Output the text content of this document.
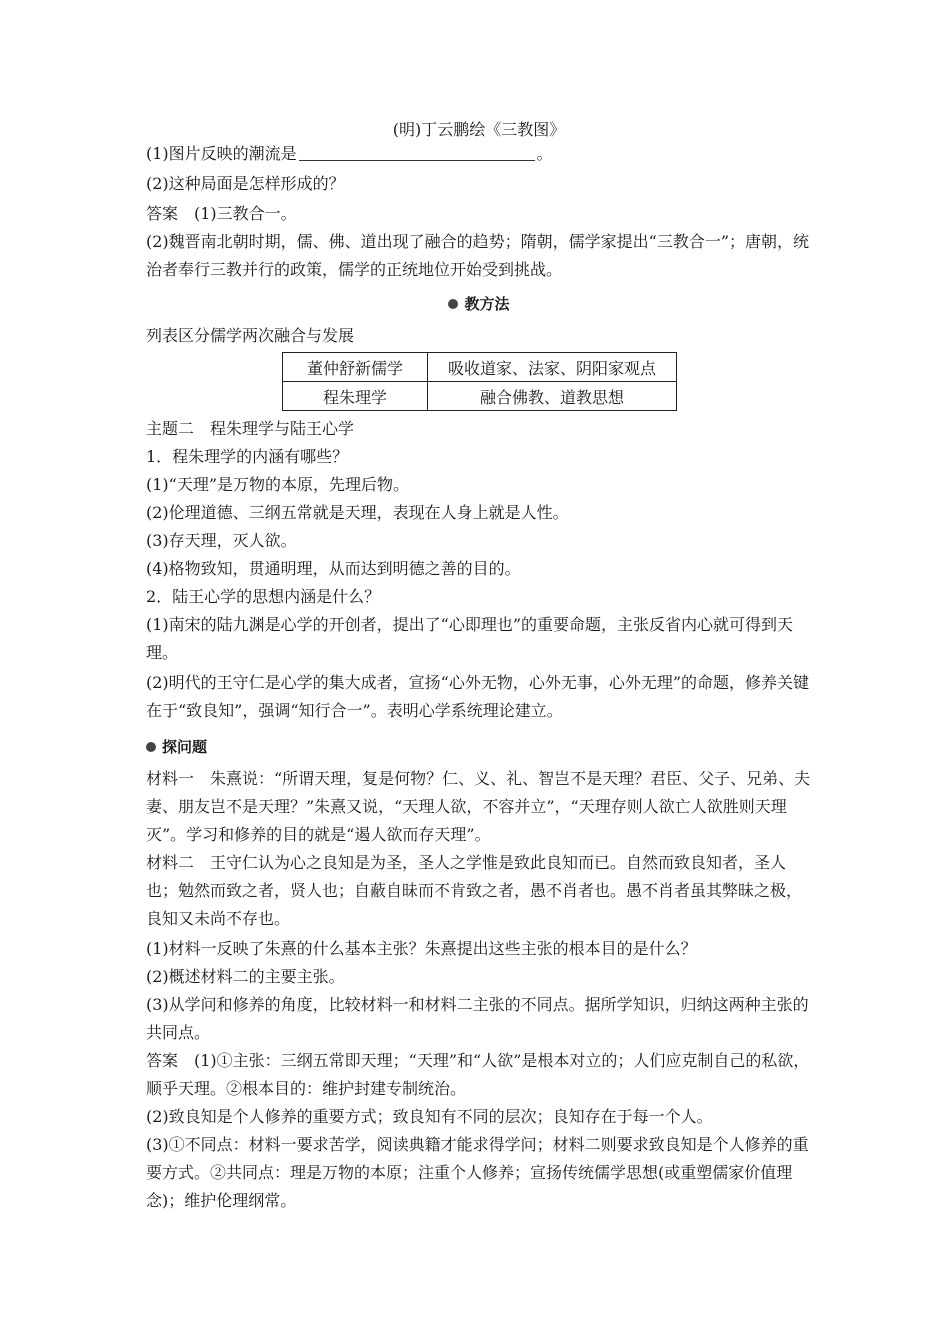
(明)丁云鹏绘《三教图》
(1)图片反映的潮流是	。
(2)这种局面是怎样形成的？
答案　(1)三教合一。
(2)魏晋南北朝时期，儒、佛、道出现了融合的趋势；隋朝，儒学家提出“三教合一”；唐朝，统治者奉行三教并行的政策，儒学的正统地位开始受到挑战。
教方法
列表区分儒学两次融合与发展
董仲舒新儒学	吸收道家、法家、阴阳家观点
程朱理学	融合佛教、道教思想
主题二　程朱理学与陆王心学
1．程朱理学的内涵有哪些？
(1)“天理”是万物的本原，先理后物。
(2)伦理道德、三纲五常就是天理，表现在人身上就是人性。
(3)存天理，灭人欲。
(4)格物致知，贯通明理，从而达到明德之善的目的。
2．陆王心学的思想内涵是什么？
(1)南宋的陆九渊是心学的开创者，提出了“心即理也”的重要命题，主张反省内心就可得到天理。
(2)明代的王守仁是心学的集大成者，宣扬“心外无物，心外无事，心外无理”的命题，修养关键在于“致良知”，强调“知行合一”。表明心学系统理论建立。
探问题
材料一　朱熹说：“所谓天理，复是何物？仁、义、礼、智岂不是天理？君臣、父子、兄弟、夫妻、朋友岂不是天理？”朱熹又说，“天理人欲，不容并立”，“天理存则人欲亡人欲胜则天理灭”。学习和修养的目的就是“遏人欲而存天理”。
材料二　王守仁认为心之良知是为圣，圣人之学惟是致此良知而已。自然而致良知者，圣人也；勉然而致之者，贤人也；自蔽自昧而不肯致之者，愚不肖者也。愚不肖者虽其弊昧之极，良知又未尚不存也。
(1)材料一反映了朱熹的什么基本主张？朱熹提出这些主张的根本目的是什么？
(2)概述材料二的主要主张。
(3)从学问和修养的角度，比较材料一和材料二主张的不同点。据所学知识，归纳这两种主张的共同点。
答案　(1)①主张：三纲五常即天理；“天理”和“人欲”是根本对立的；人们应克制自己的私欲，顺乎天理。②根本目的：维护封建专制统治。
(2)致良知是个人修养的重要方式；致良知有不同的层次；良知存在于每一个人。
(3)①不同点：材料一要求苦学，阅读典籍才能求得学问；材料二则要求致良知是个人修养的重要方式。②共同点：理是万物的本原；注重个人修养；宣扬传统儒学思想(或重塑儒家价值理念)；维护伦理纲常。
